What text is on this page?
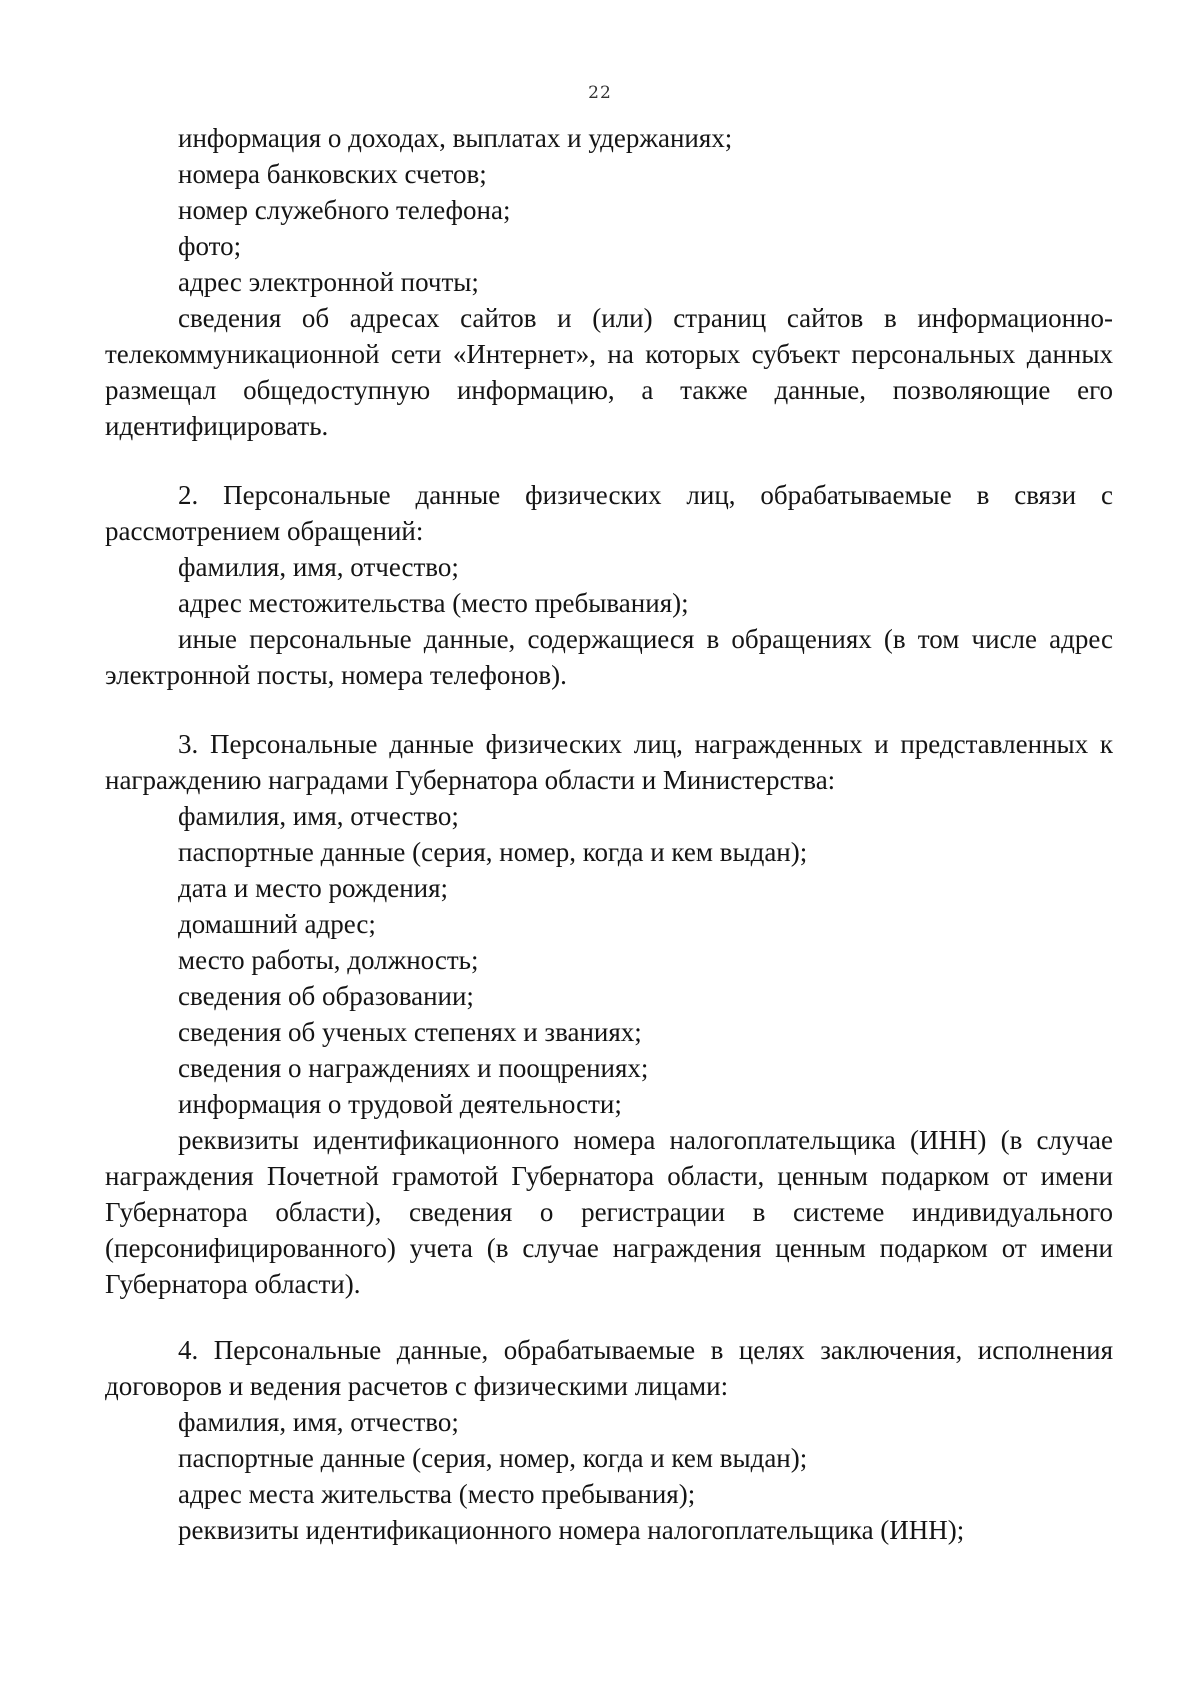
22
информация о доходах, выплатах и удержаниях;
номера банковских счетов;
номер служебного телефона;
фото;
адрес электронной почты;
сведения об адресах сайтов и (или) страниц сайтов в информационно-телекоммуникационной сети «Интернет», на которых субъект персональных данных размещал общедоступную информацию, а также данные, позволяющие его идентифицировать.
2. Персональные данные физических лиц, обрабатываемые в связи с рассмотрением обращений:
фамилия, имя, отчество;
адрес местожительства (место пребывания);
иные персональные данные, содержащиеся в обращениях (в том числе адрес электронной посты, номера телефонов).
3. Персональные данные физических лиц, награжденных и представленных к награждению наградами Губернатора области и Министерства:
фамилия, имя, отчество;
паспортные данные (серия, номер, когда и кем выдан);
дата и место рождения;
домашний адрес;
место работы, должность;
сведения об образовании;
сведения об ученых степенях и званиях;
сведения о награждениях и поощрениях;
информация о трудовой деятельности;
реквизиты идентификационного номера налогоплательщика (ИНН) (в случае награждения Почетной грамотой Губернатора области, ценным подарком от имени Губернатора области), сведения о регистрации в системе индивидуального (персонифицированного) учета (в случае награждения ценным подарком от имени Губернатора области).
4. Персональные данные, обрабатываемые в целях заключения, исполнения договоров и ведения расчетов с физическими лицами:
фамилия, имя, отчество;
паспортные данные (серия, номер, когда и кем выдан);
адрес места жительства (место пребывания);
реквизиты идентификационного номера налогоплательщика (ИНН);
